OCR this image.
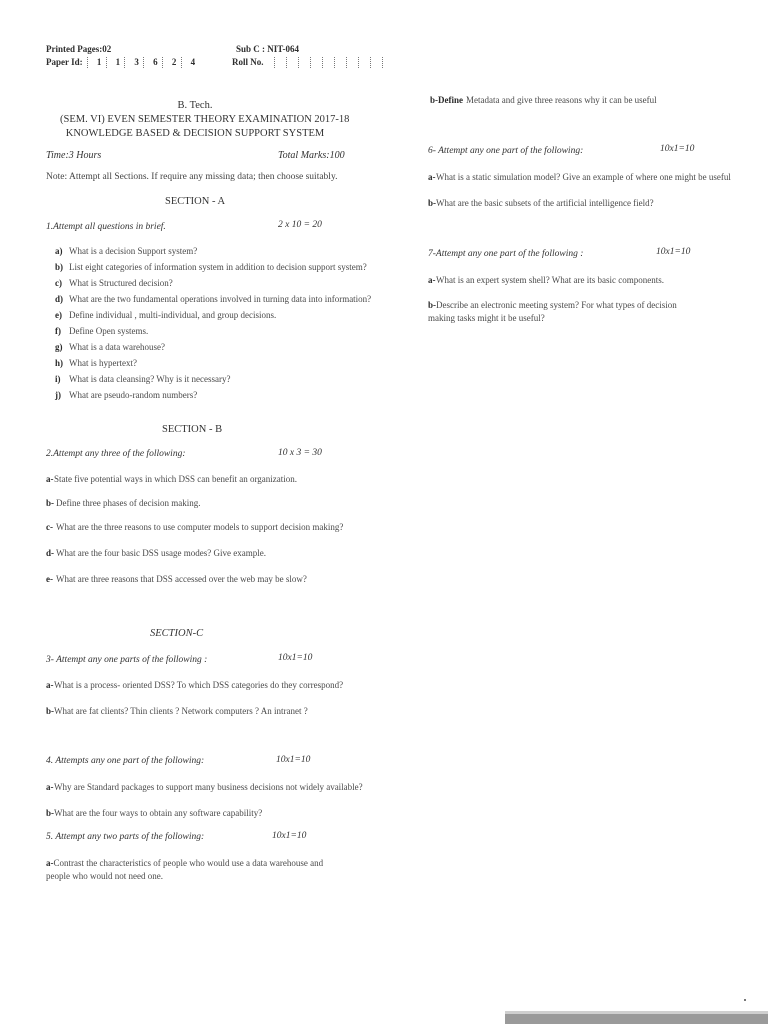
Printed Pages:02
Paper Id: 1 1 3 6 2 4
Sub C : NIT-064
Roll No.
B. Tech.
(SEM. VI) EVEN SEMESTER THEORY EXAMINATION 2017-18
KNOWLEDGE BASED & DECISION SUPPORT SYSTEM
Time:3 Hours	Total Marks:100
Note: Attempt all Sections. If require any missing data; then choose suitably.
SECTION - A
1.Attempt all questions in brief.	2 x 10 = 20
a) What is a decision Support system?
b) List eight categories of information system in addition to decision support system?
c) What is Structured decision?
d) What are the two fundamental operations involved in turning data into information?
e) Define individual , multi-individual, and group decisions.
f) Define Open systems.
g) What is a data warehouse?
h) What is hypertext?
i) What is data cleansing? Why is it necessary?
j) What are pseudo-random numbers?
SECTION - B
2.Attempt any three of the following:	10 x 3 = 30
a-State five potential ways in which DSS can benefit an organization.
b- Define three phases of decision making.
c- What are the three reasons to use computer models to support decision making?
d- What are the four basic DSS usage modes? Give example.
e- What are three reasons that DSS accessed over the web may be slow?
SECTION-C
3- Attempt any one parts of the following :	10x1=10
a-What is a process- oriented DSS? To which DSS categories do they correspond?
b-What are fat clients? Thin clients ? Network computers ? An intranet ?
4. Attempts any one part of the following:	10x1=10
a-Why are Standard packages to support many business decisions not widely available?
b-What are the four ways to obtain any software capability?
5. Attempt any two parts of the following:	10x1=10
a-Contrast the characteristics of people who would use a data warehouse and people who would not need one.
b-Define Metadata and give three reasons why it can be useful
6- Attempt any one part of the following:	10x1=10
a-What is a static simulation model? Give an example of where one might be useful
b-What are the basic subsets of the artificial intelligence field?
7-Attempt any one part of the following :	10x1=10
a-What is an expert system shell? What are its basic components.
b-Describe an electronic meeting system? For what types of decision making tasks might it be useful?
